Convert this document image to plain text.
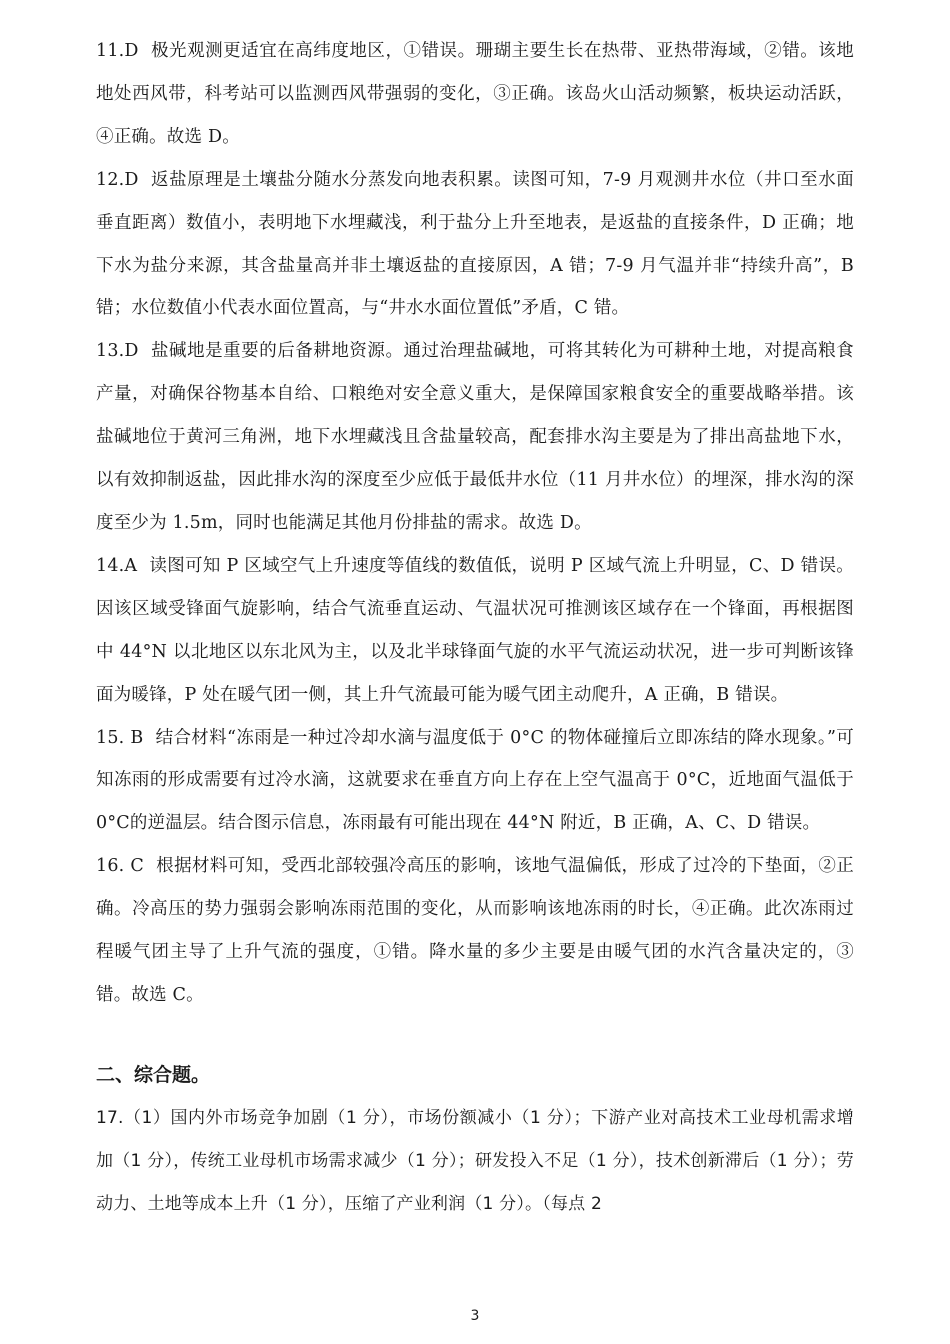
11.D 极光观测更适宜在高纬度地区，①错误。珊瑚主要生长在热带、亚热带海域，②错。该地地处西风带，科考站可以监测西风带强弱的变化，③正确。该岛火山活动频繁，板块运动活跃，④正确。故选 D。

12.D 返盐原理是土壤盐分随水分蒸发向地表积累。读图可知，7-9 月观测井水位（井口至水面垂直距离）数值小，表明地下水埋藏浅，利于盐分上升至地表，是返盐的直接条件，D 正确；地下水为盐分来源，其含盐量高并非土壤返盐的直接原因，A 错；7-9 月气温并非“持续升高”，B 错；水位数值小代表水面位置高，与“井水水面位置低”矛盾，C 错。

13.D 盐碱地是重要的后备耕地资源。通过治理盐碱地，可将其转化为可耕种土地，对提高粮食产量，对确保谷物基本自给、口粮绝对安全意义重大，是保障国家粮食安全的重要战略举措。该盐碱地位于黄河三角洲，地下水埋藏浅且含盐量较高，配套排水沟主要是为了排出高盐地下水，以有效抑制返盐，因此排水沟的深度至少应低于最低井水位（11 月井水位）的埋深，排水沟的深度至少为 1.5m，同时也能满足其他月份排盐的需求。故选 D。

14.A 读图可知 P 区域空气上升速度等值线的数值低，说明 P 区域气流上升明显，C、D 错误。因该区域受锋面气旋影响，结合气流垂直运动、气温状况可推测该区域存在一个锋面，再根据图中 44°N 以北地区以东北风为主，以及北半球锋面气旋的水平气流运动状况，进一步可判断该锋面为暖锋，P 处在暖气团一侧，其上升气流最可能为暖气团主动爬升，A 正确，B 错误。

15. B 结合材料“冻雨是一种过冷却水滴与温度低于 0°C 的物体碰撞后立即冻结的降水现象。”可知冻雨的形成需要有过冷水滴，这就要求在垂直方向上存在上空气温高于 0°C，近地面气温低于 0°C的逆温层。结合图示信息，冻雨最有可能出现在 44°N 附近，B 正确，A、C、D 错误。

16. C 根据材料可知，受西北部较强冷高压的影响，该地气温偏低，形成了过冷的下垫面，②正确。冷高压的势力强弱会影响冻雨范围的变化，从而影响该地冻雨的时长，④正确。此次冻雨过程暖气团主导了上升气流的强度，①错。降水量的多少主要是由暖气团的水汽含量决定的，③错。故选 C。

二、综合题。

17.（1）国内外市场竞争加剧（1 分），市场份额减小（1 分）；下游产业对高技术工业母机需求增加（1 分），传统工业母机市场需求减少（1 分）；研发投入不足（1 分），技术创新滞后（1 分）；劳动力、土地等成本上升（1 分），压缩了产业利润（1 分）。（每点 2

3
